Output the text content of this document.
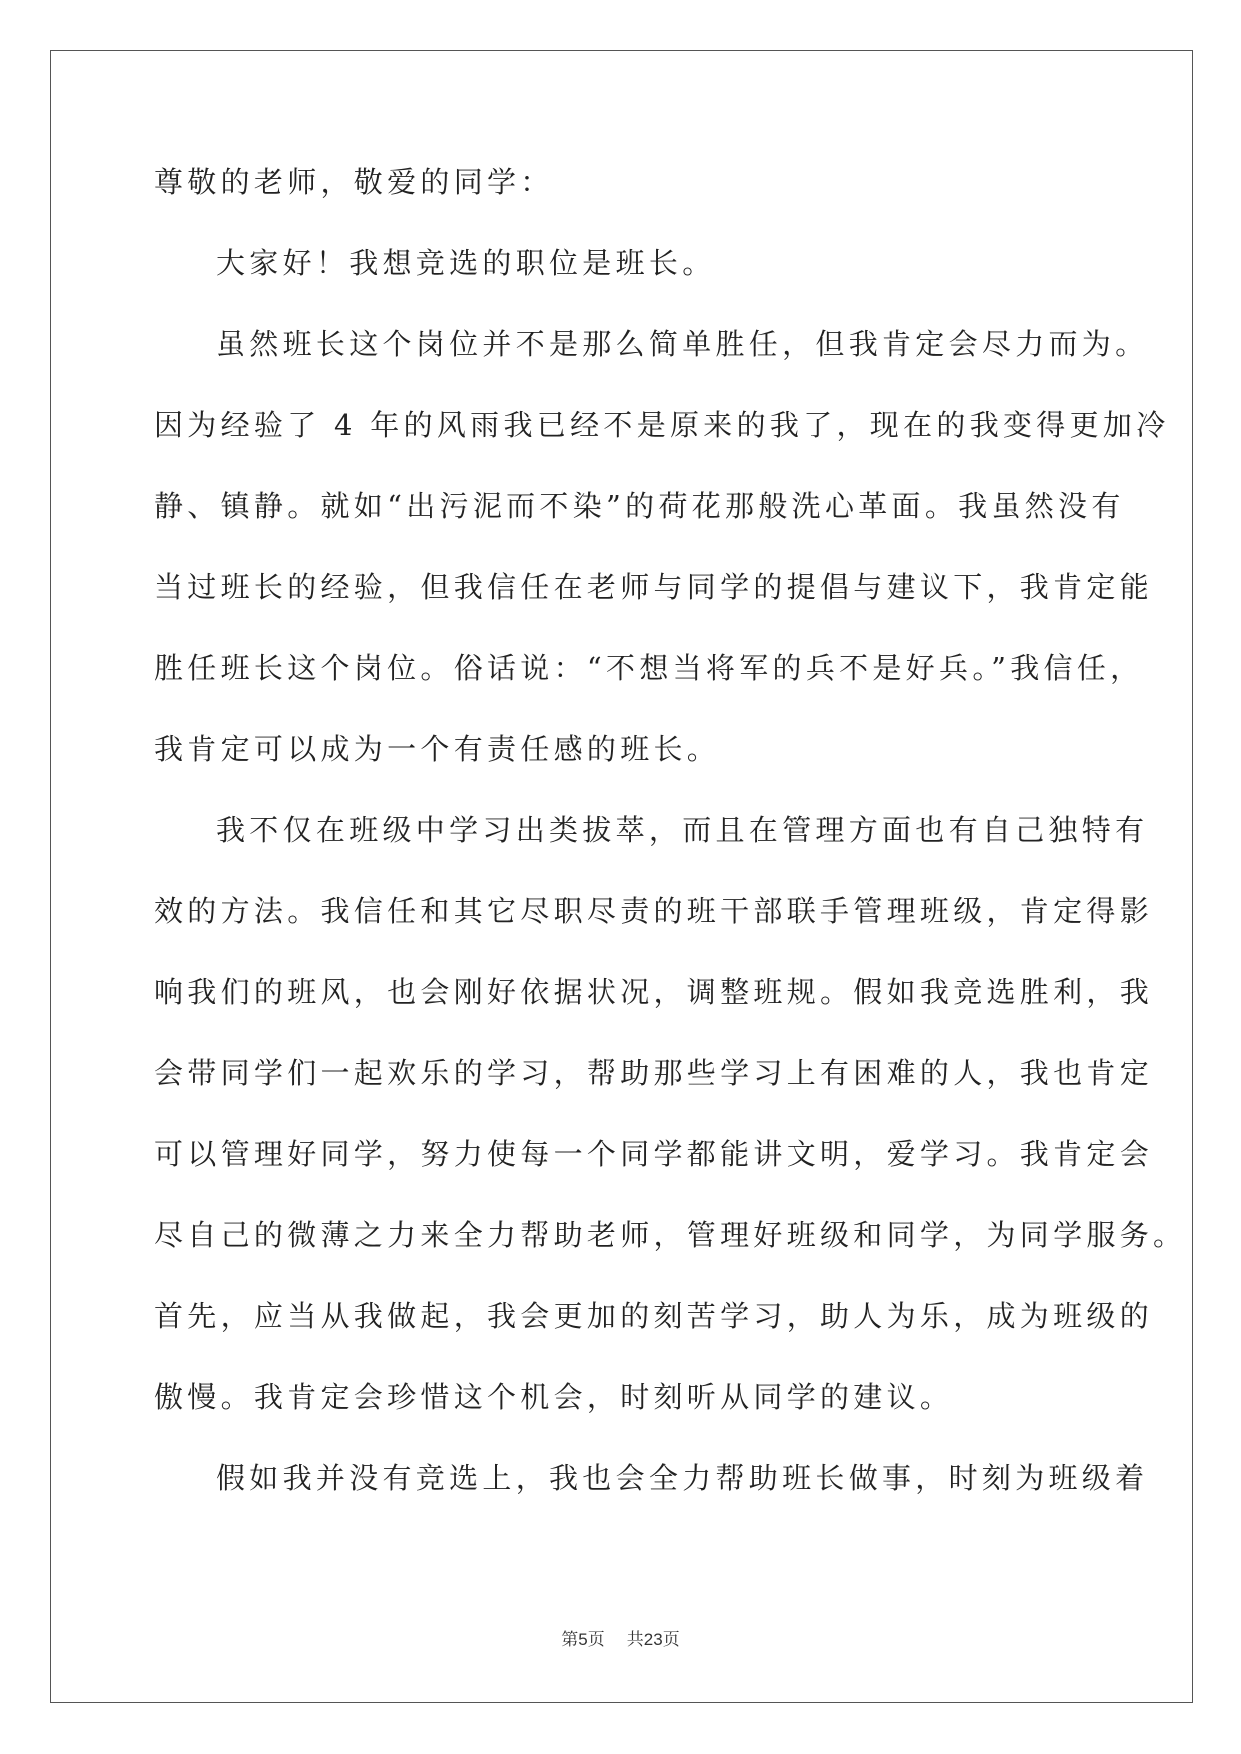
尊敬的老师，敬爱的同学：
大家好！我想竞选的职位是班长。
虽然班长这个岗位并不是那么简单胜任，但我肯定会尽力而为。
因为经验了 4 年的风雨我已经不是原来的我了，现在的我变得更加冷
静、镇静。就如“出污泥而不染”的荷花那般洗心革面。我虽然没有
当过班长的经验，但我信任在老师与同学的提倡与建议下，我肯定能
胜任班长这个岗位。俗话说：“不想当将军的兵不是好兵。”我信任，
我肯定可以成为一个有责任感的班长。
我不仅在班级中学习出类拔萃，而且在管理方面也有自己独特有
效的方法。我信任和其它尽职尽责的班干部联手管理班级，肯定得影
响我们的班风，也会刚好依据状况，调整班规。假如我竞选胜利，我
会带同学们一起欢乐的学习，帮助那些学习上有困难的人，我也肯定
可以管理好同学，努力使每一个同学都能讲文明，爱学习。我肯定会
尽自己的微薄之力来全力帮助老师，管理好班级和同学，为同学服务。
首先，应当从我做起，我会更加的刻苦学习，助人为乐，成为班级的
傲慢。我肯定会珍惜这个机会，时刻听从同学的建议。
假如我并没有竞选上，我也会全力帮助班长做事，时刻为班级着
第5页 共23页
